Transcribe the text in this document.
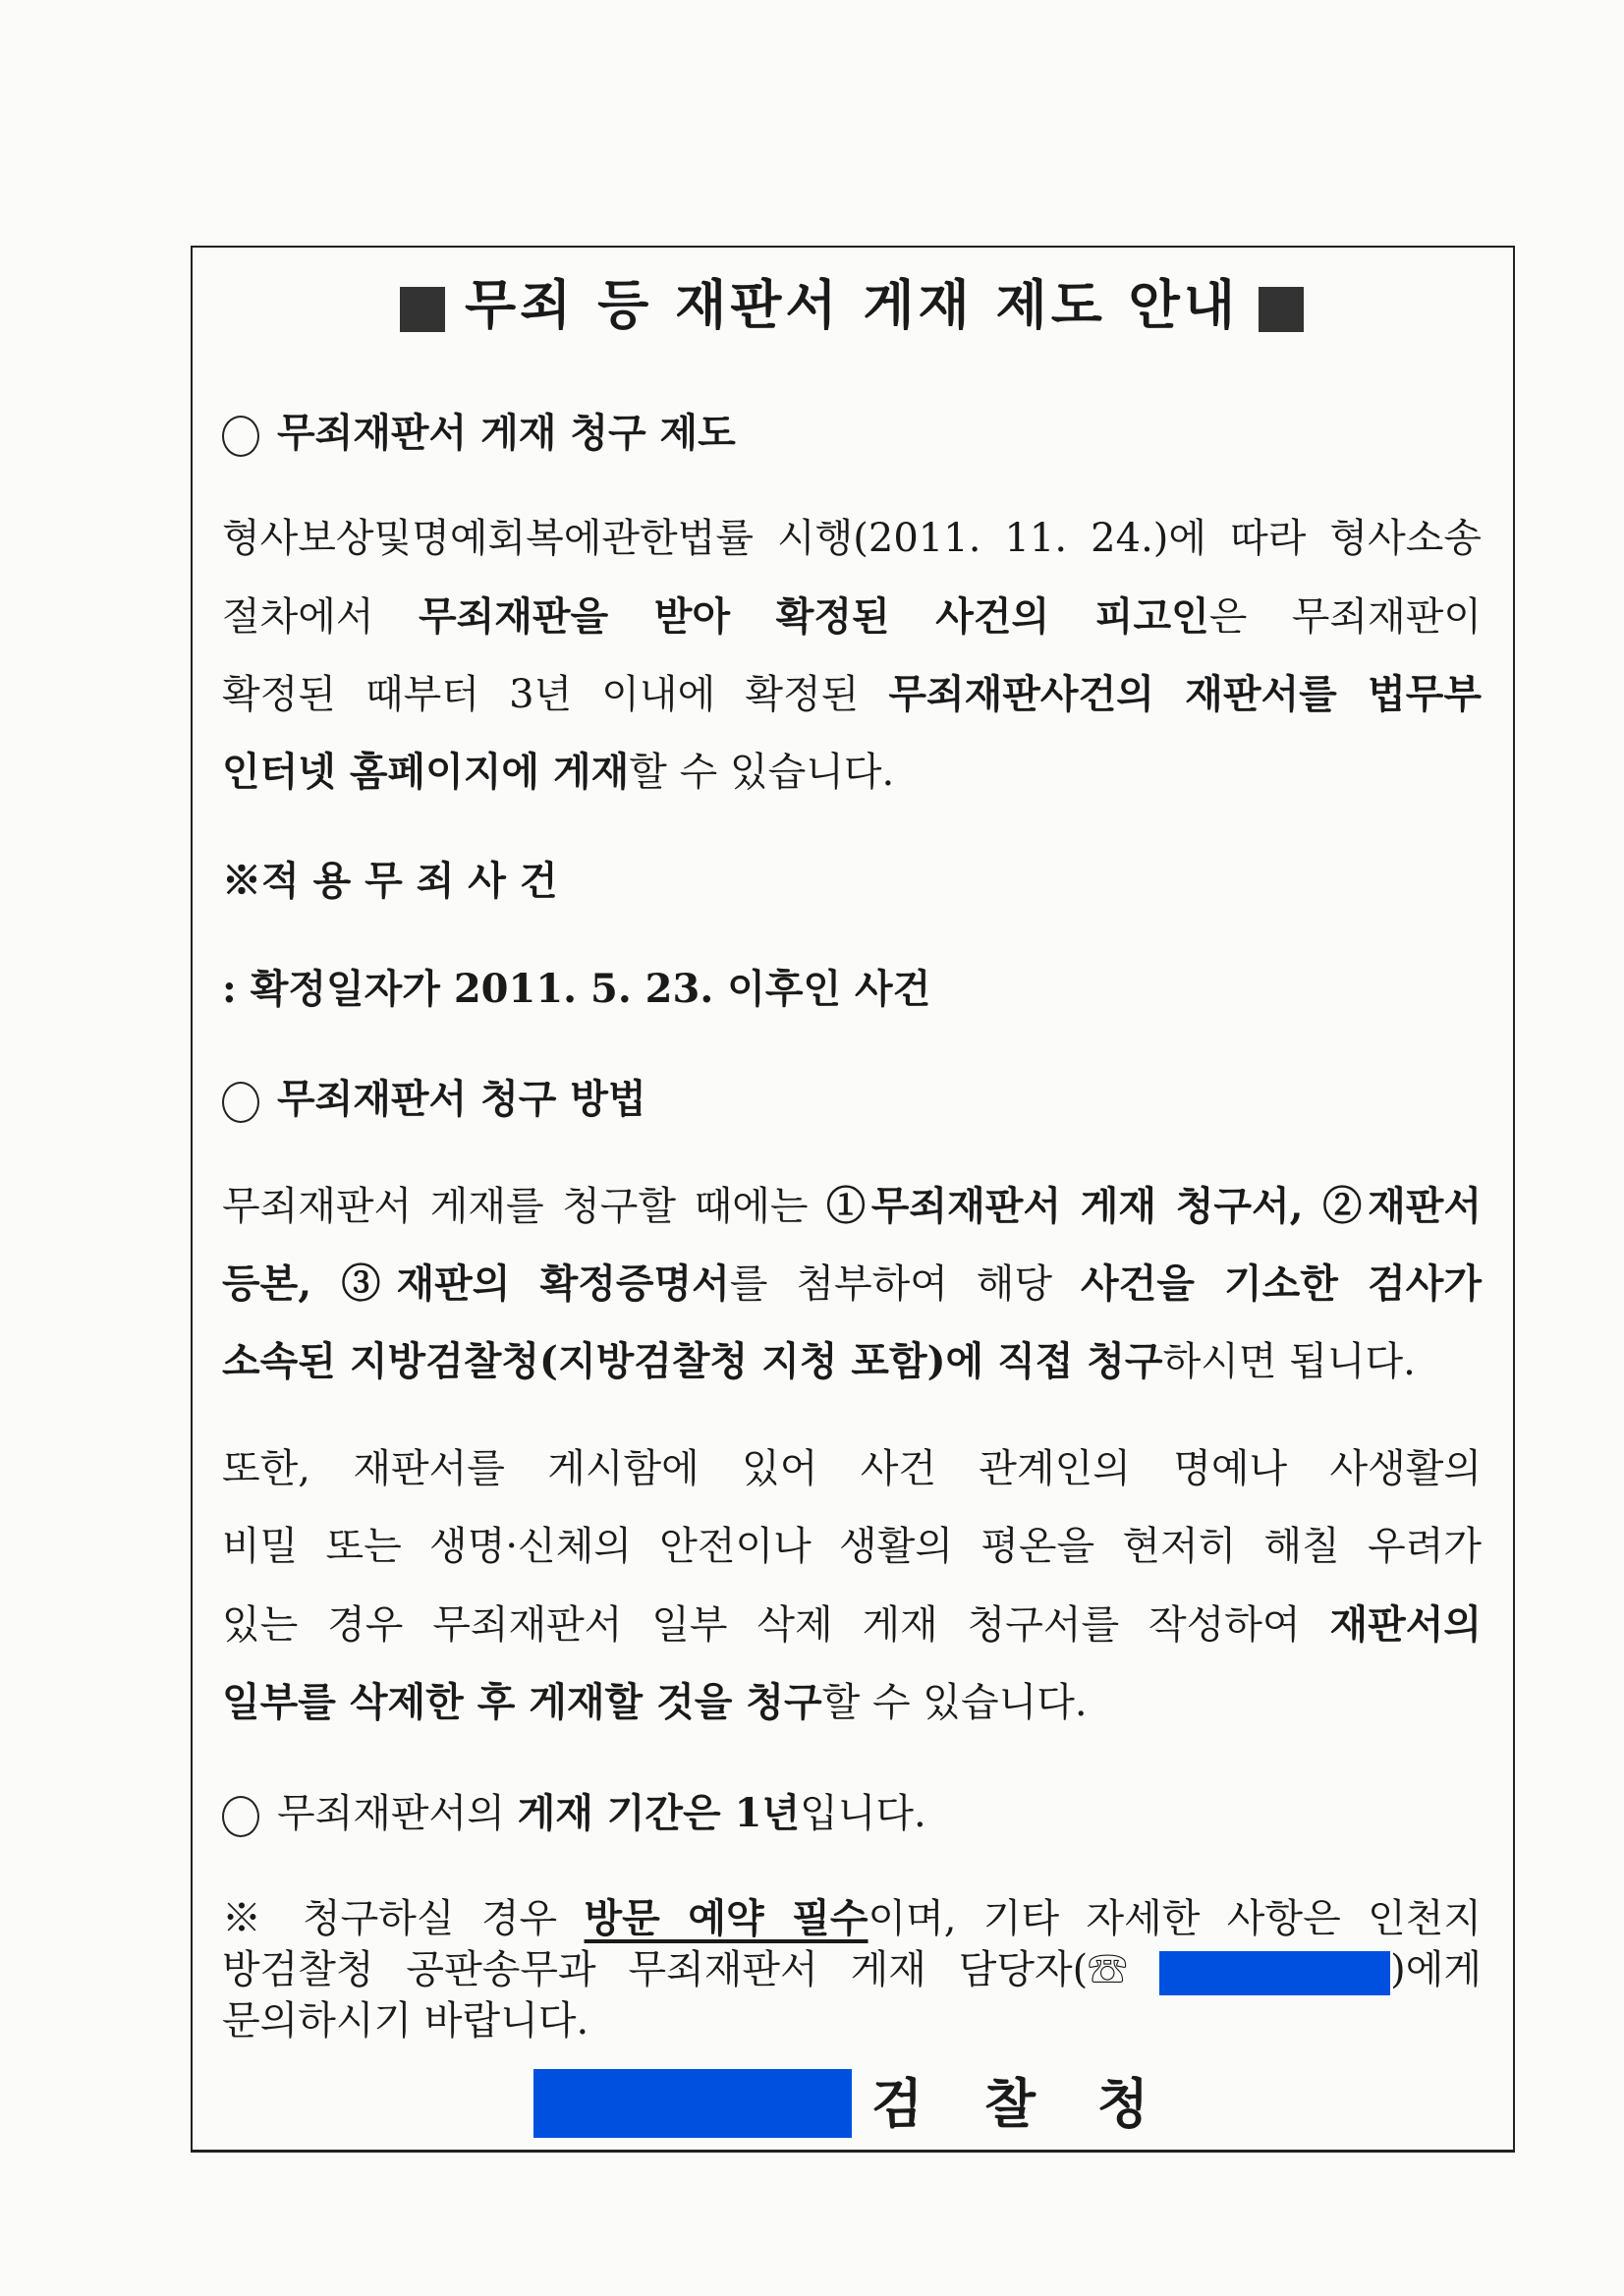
무죄 등 재판서 게재 제도 안내
무죄재판서 게재 청구 제도
형사보상및명예회복에관한법률 시행(2011. 11. 24.)에 따라 형사소송
절차에서 무죄재판을 받아 확정된 사건의 피고인은 무죄재판이
확정된 때부터 3년 이내에 확정된 무죄재판사건의 재판서를 법무부
인터넷 홈페이지에 게재할 수 있습니다.
※적 용 무 죄 사 건
: 확정일자가 2011. 5. 23. 이후인 사건
무죄재판서 청구 방법
무죄재판서 게재를 청구할 때에는 ①무죄재판서 게재 청구서, ②재판서
등본, ③재판의 확정증명서를 첨부하여 해당 사건을 기소한 검사가
소속된 지방검찰청(지방검찰청 지청 포함)에 직접 청구하시면 됩니다.
또한, 재판서를 게시함에 있어 사건 관계인의 명예나 사생활의
비밀 또는 생명·신체의 안전이나 생활의 평온을 현저히 해칠 우려가
있는 경우 무죄재판서 일부 삭제 게재 청구서를 작성하여 재판서의
일부를 삭제한 후 게재할 것을 청구할 수 있습니다.
무죄재판서의 게재 기간은 1년입니다.
※ 청구하실 경우 방문 예약 필수이며, 기타 자세한 사항은 인천지
방검찰청 공판송무과 무죄재판서 게재 담당자(☏	)에게
문의하시기 바랍니다.
검 찰 청
